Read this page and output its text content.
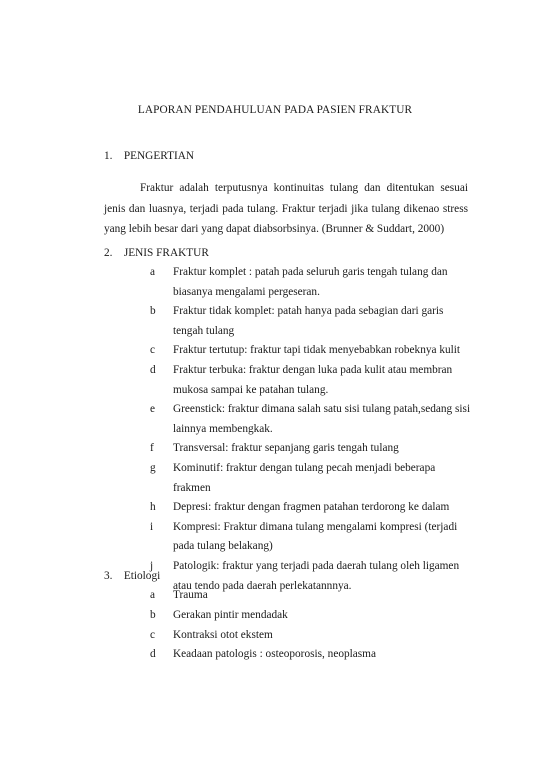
LAPORAN PENDAHULUAN PADA PASIEN FRAKTUR
1. PENGERTIAN
Fraktur adalah terputusnya kontinuitas tulang dan ditentukan sesuai jenis dan luasnya, terjadi pada tulang. Fraktur terjadi jika tulang dikenao stress yang lebih besar dari yang dapat diabsorbsinya. (Brunner & Suddart, 2000)
2. JENIS FRAKTUR
a Fraktur komplet : patah pada seluruh garis tengah tulang dan biasanya mengalami pergeseran.
b Fraktur tidak komplet: patah hanya pada sebagian dari garis tengah tulang
c Fraktur tertutup: fraktur tapi tidak menyebabkan robeknya kulit
d Fraktur terbuka: fraktur dengan luka pada kulit atau membran mukosa sampai ke patahan tulang.
e Greenstick: fraktur dimana salah satu sisi tulang patah,sedang sisi lainnya membengkak.
f Transversal: fraktur sepanjang garis tengah tulang
g Kominutif: fraktur dengan tulang pecah menjadi beberapa frakmen
h Depresi: fraktur dengan fragmen patahan terdorong ke dalam
i Kompresi: Fraktur dimana tulang mengalami kompresi (terjadi pada tulang belakang)
j Patologik: fraktur yang terjadi pada daerah tulang oleh ligamen atau tendo pada daerah perlekatannnya.
3. Etiologi
a Trauma
b Gerakan pintir mendadak
c Kontraksi otot ekstem
d Keadaan patologis : osteoporosis, neoplasma
